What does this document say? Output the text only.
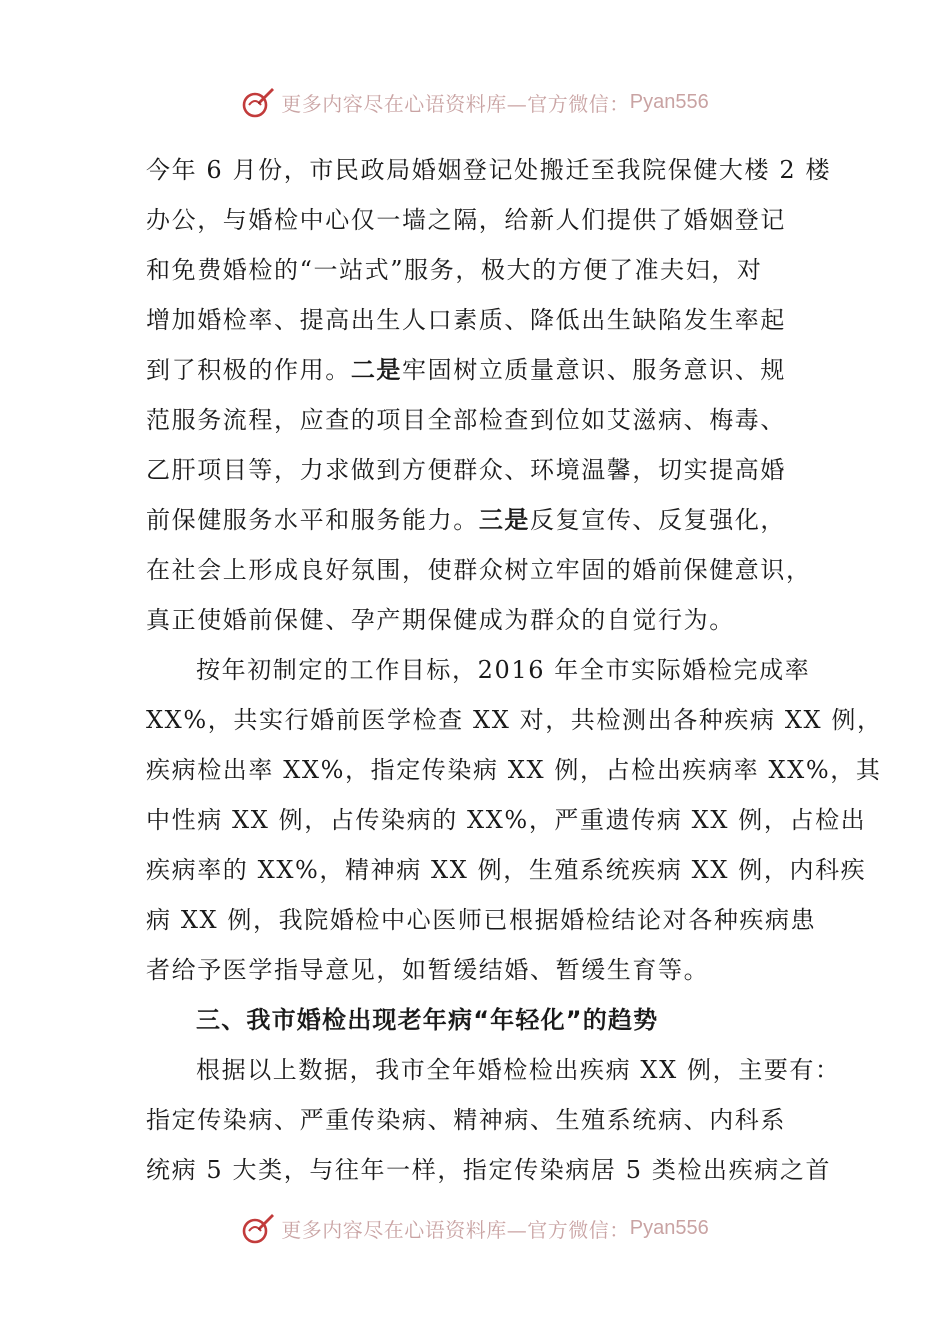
更多内容尽在心语资料库—官方微信： Pyan556
今年 6 月份，市民政局婚姻登记处搬迁至我院保健大楼 2 楼
办公，与婚检中心仅一墙之隔，给新人们提供了婚姻登记
和免费婚检的“一站式”服务，极大的方便了准夫妇，对
增加婚检率、提高出生人口素质、降低出生缺陷发生率起
到了积极的作用。二是牢固树立质量意识、服务意识、规
范服务流程，应查的项目全部检查到位如艾滋病、梅毒、
乙肝项目等，力求做到方便群众、环境温馨，切实提高婚
前保健服务水平和服务能力。三是反复宣传、反复强化，
在社会上形成良好氛围，使群众树立牢固的婚前保健意识，
真正使婚前保健、孕产期保健成为群众的自觉行为。
按年初制定的工作目标，2016 年全市实际婚检完成率
XX%，共实行婚前医学检查 XX 对，共检测出各种疾病 XX 例，
疾病检出率 XX%，指定传染病 XX 例，占检出疾病率 XX%，其
中性病 XX 例，占传染病的 XX%，严重遗传病 XX 例，占检出
疾病率的 XX%，精神病 XX 例，生殖系统疾病 XX 例，内科疾
病 XX 例，我院婚检中心医师已根据婚检结论对各种疾病患
者给予医学指导意见，如暂缓结婚、暂缓生育等。
三、我市婚检出现老年病“年轻化”的趋势
根据以上数据，我市全年婚检检出疾病 XX 例，主要有：
指定传染病、严重传染病、精神病、生殖系统病、内科系
统病 5 大类，与往年一样，指定传染病居 5 类检出疾病之首
更多内容尽在心语资料库—官方微信： Pyan556
